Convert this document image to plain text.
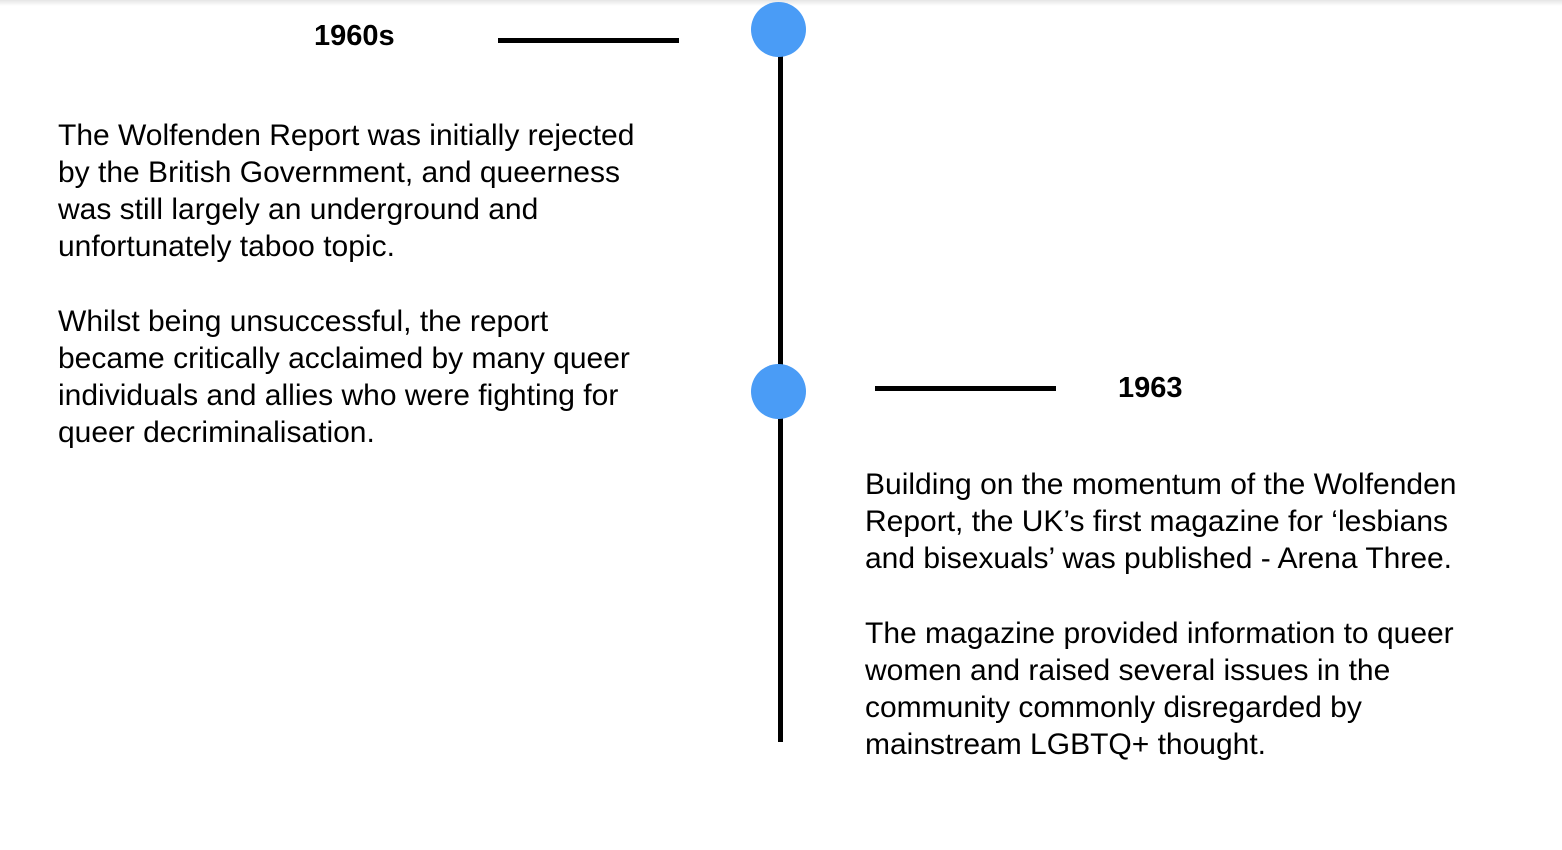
1960s
1963

The Wolfenden Report was initially rejected
by the British Government, and queerness
was still largely an underground and
unfortunately taboo topic.

Whilst being unsuccessful, the report
became critically acclaimed by many queer
individuals and allies who were fighting for
queer decriminalisation.

Building on the momentum of the Wolfenden
Report, the UK’s first magazine for ‘lesbians
and bisexuals’ was published - Arena Three.

The magazine provided information to queer
women and raised several issues in the
community commonly disregarded by
mainstream LGBTQ+ thought.
